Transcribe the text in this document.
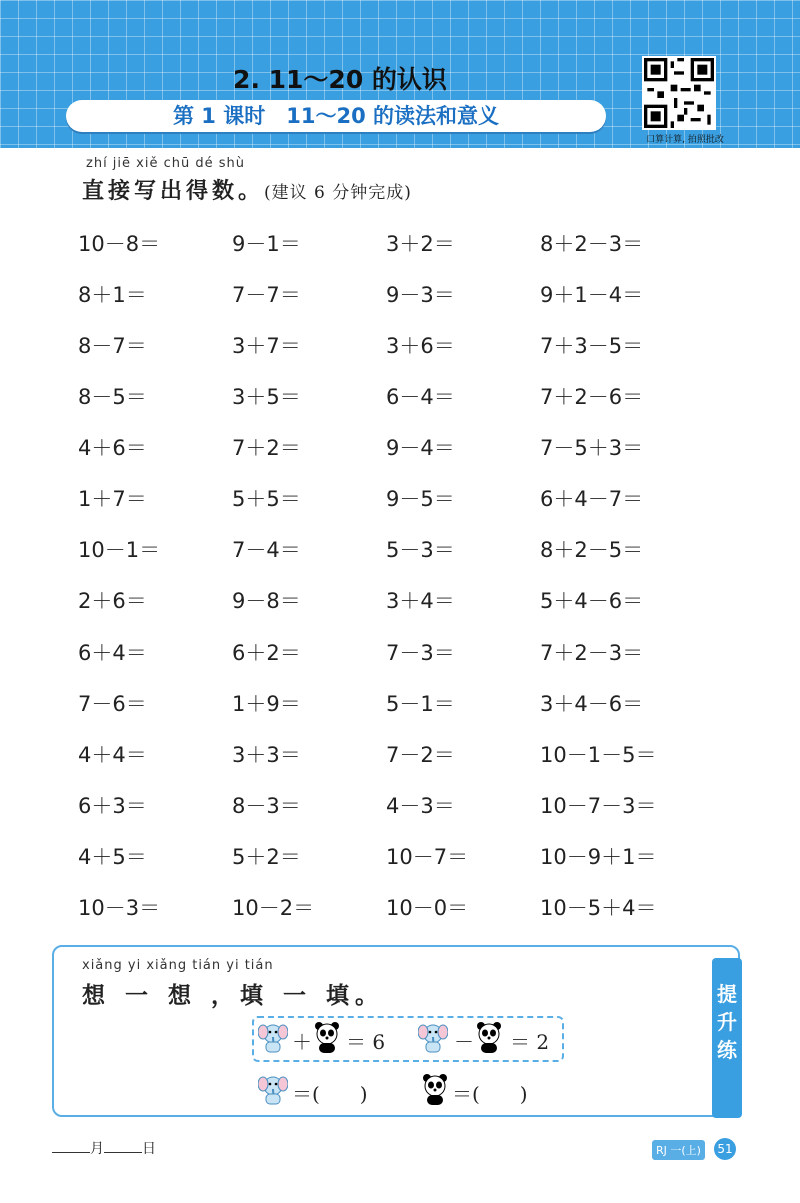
2. 11～20 的认识
第 1 课时　11～20 的读法和意义
口算计算, 拍照批改
zhí jiē xiě chū dé shù
直接写出得数。(建议 6 分钟完成)
10－8＝	9－1＝	3＋2＝	8＋2－3＝
8＋1＝	7－7＝	9－3＝	9＋1－4＝
8－7＝	3＋7＝	3＋6＝	7＋3－5＝
8－5＝	3＋5＝	6－4＝	7＋2－6＝
4＋6＝	7＋2＝	9－4＝	7－5＋3＝
1＋7＝	5＋5＝	9－5＝	6＋4－7＝
10－1＝	7－4＝	5－3＝	8＋2－5＝
2＋6＝	9－8＝	3＋4＝	5＋4－6＝
6＋4＝	6＋2＝	7－3＝	7＋2－3＝
7－6＝	1＋9＝	5－1＝	3＋4－6＝
4＋4＝	3＋3＝	7－2＝	10－1－5＝
6＋3＝	8－3＝	4－3＝	10－7－3＝
4＋5＝	5＋2＝	10－7＝	10－9＋1＝
10－3＝	10－2＝	10－0＝	10－5＋4＝
提
升
练
xiǎng yi xiǎng tián yi tián
想 一 想 ，填 一 填。
＋ ＝ 6	－ ＝ 2
＝(　　)	＝(　　)
月	日	RJ 一(上)	51
